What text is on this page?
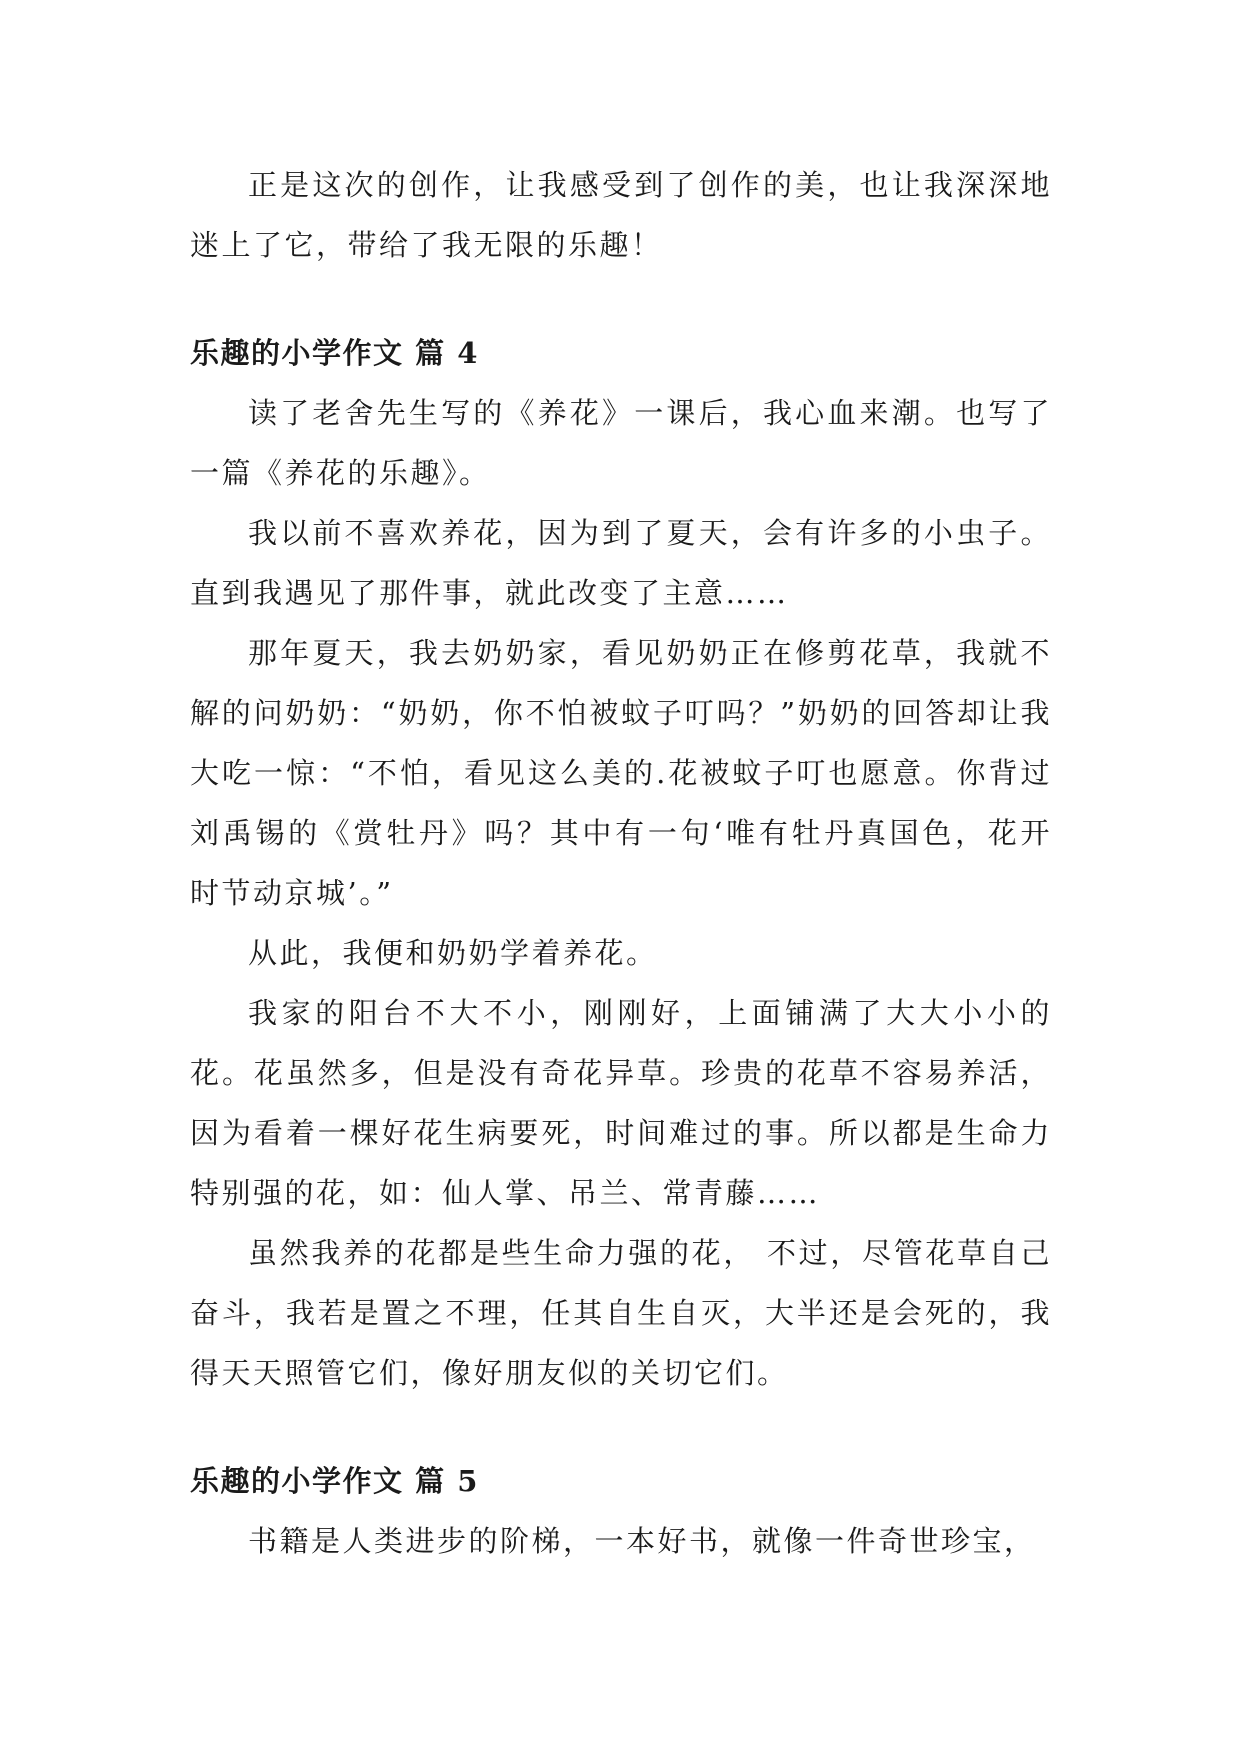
正是这次的创作，让我感受到了创作的美，也让我深深地迷上了它，带给了我无限的乐趣！

乐趣的小学作文 篇 4

读了老舍先生写的《养花》一课后，我心血来潮。也写了一篇《养花的乐趣》。

我以前不喜欢养花，因为到了夏天，会有许多的小虫子。直到我遇见了那件事，就此改变了主意……

那年夏天，我去奶奶家，看见奶奶正在修剪花草，我就不解的问奶奶：“奶奶，你不怕被蚊子叮吗？”奶奶的回答却让我大吃一惊：“不怕，看见这么美的.花被蚊子叮也愿意。你背过刘禹锡的《赏牡丹》吗？其中有一句‘唯有牡丹真国色，花开时节动京城’。”

从此，我便和奶奶学着养花。

我家的阳台不大不小，刚刚好，上面铺满了大大小小的花。花虽然多，但是没有奇花异草。珍贵的花草不容易养活，因为看着一棵好花生病要死，时间难过的事。所以都是生命力特别强的花，如：仙人掌、吊兰、常青藤……

虽然我养的花都是些生命力强的花， 不过，尽管花草自己奋斗，我若是置之不理，任其自生自灭，大半还是会死的，我得天天照管它们，像好朋友似的关切它们。

乐趣的小学作文 篇 5

书籍是人类进步的阶梯，一本好书，就像一件奇世珍宝，
